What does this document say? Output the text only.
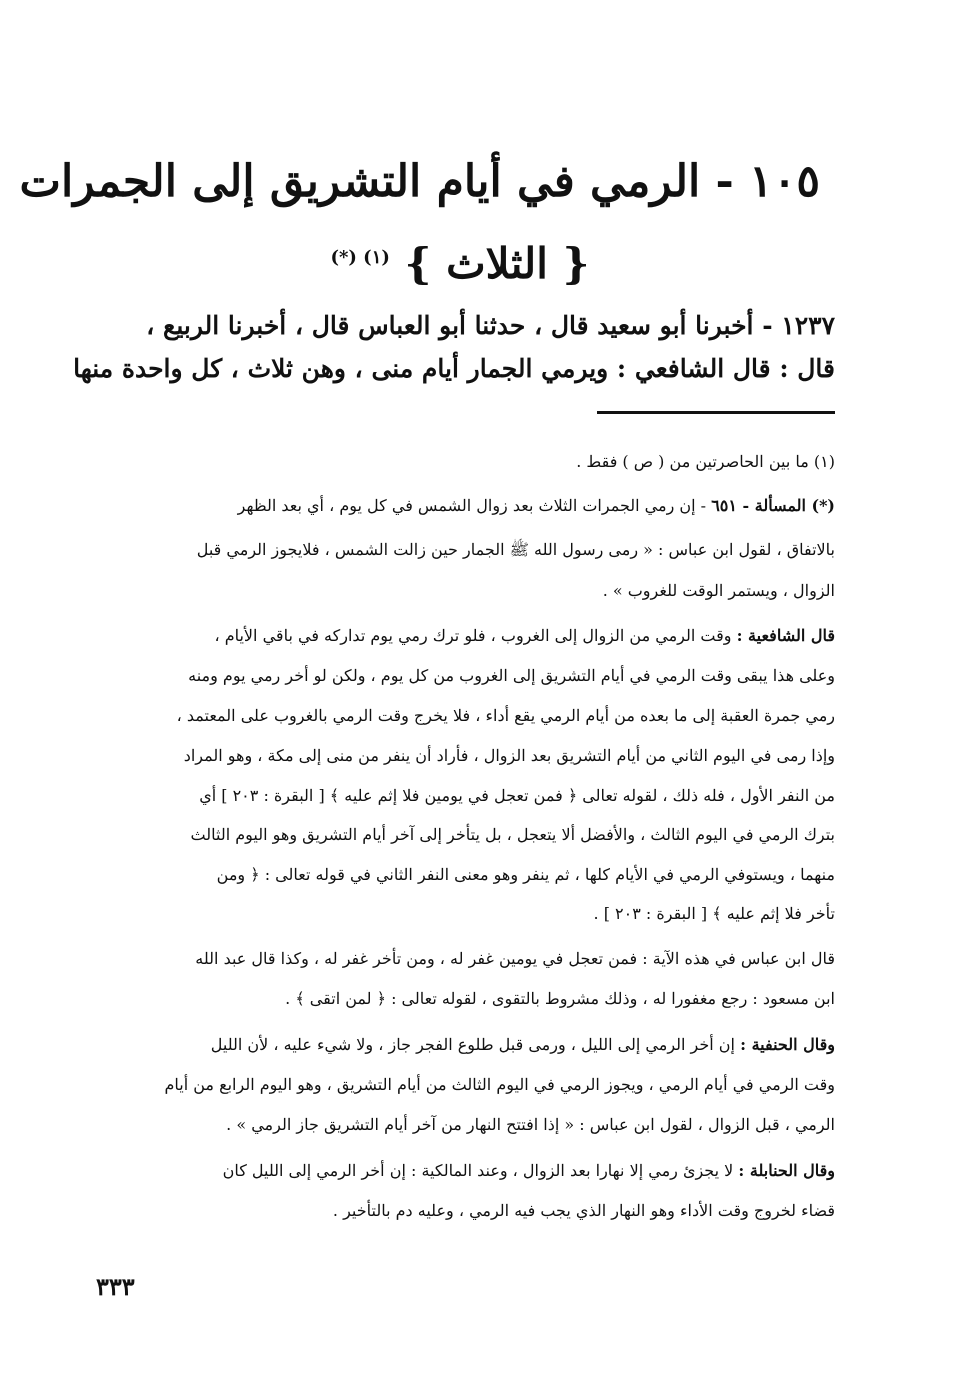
١٠٥ - الرمي في أيام التشريق إلى الجمرات
{ الثلاث } $^{(١) (*)}$
١٢٣٧ - أخبرنا أبو سعيد قال ، حدثنا أبو العباس قال ، أخبرنا الربيع ،
قال : قال الشافعي : ويرمي الجمار أيام منى ، وهن ثلاث ، كل واحدة منها
(١) ما بين الحاصرتين من ( ص ) فقط .
(*) المسألة - ٦٥١ - إن رمي الجمرات الثلاث بعد زوال الشمس في كل يوم ، أي بعد الظهر
بالاتفاق ، لقول ابن عباس : « رمى رسول الله ﷺ الجمار حين زالت الشمس ، فلايجوز الرمي قبل
الزوال ، ويستمر الوقت للغروب » .
قال الشافعية : وقت الرمي من الزوال إلى الغروب ، فلو ترك رمي يوم تداركه في باقي الأيام ،
وعلى هذا يبقى وقت الرمي في أيام التشريق إلى الغروب من كل يوم ، ولكن لو أخر رمي يوم ومنه
رمي جمرة العقبة إلى ما بعده من أيام الرمي يقع أداء ، فلا يخرج وقت الرمي بالغروب على المعتمد ،
وإذا رمى في اليوم الثاني من أيام التشريق بعد الزوال ، فأراد أن ينفر من منى إلى مكة ، وهو المراد
من النفر الأول ، فله ذلك ، لقوله تعالى ﴿ فمن تعجل في يومين فلا إثم عليه ﴾ [ البقرة : ٢٠٣ ] أي
بترك الرمي في اليوم الثالث ، والأفضل ألا يتعجل ، بل يتأخر إلى آخر أيام التشريق وهو اليوم الثالث
منهما ، ويستوفي الرمي في الأيام كلها ، ثم ينفر وهو معنى النفر الثاني في قوله تعالى : ﴿ ومن
تأخر فلا إثم عليه ﴾ [ البقرة : ٢٠٣ ] .
قال ابن عباس في هذه الآية : فمن تعجل في يومين غفر له ، ومن تأخر غفر له ، وكذا قال عبد الله
ابن مسعود : رجع مغفورا له ، وذلك مشروط بالتقوى ، لقوله تعالى : ﴿ لمن اتقى ﴾ .
وقال الحنفية : إن أخر الرمي إلى الليل ، ورمى قبل طلوع الفجر جاز ، ولا شيء عليه ، لأن الليل
وقت الرمي في أيام الرمي ، ويجوز الرمي في اليوم الثالث من أيام التشريق ، وهو اليوم الرابع من أيام
الرمي ، قبل الزوال ، لقول ابن عباس : « إذا افتتح النهار من آخر أيام التشريق جاز الرمي » .
وقال الحنابلة : لا يجزئ رمي إلا نهارا بعد الزوال ، وعند المالكية : إن أخر الرمي إلى الليل كان
قضاء لخروج وقت الأداء وهو النهار الذي يجب فيه الرمي ، وعليه دم بالتأخير .
٣٣٣
